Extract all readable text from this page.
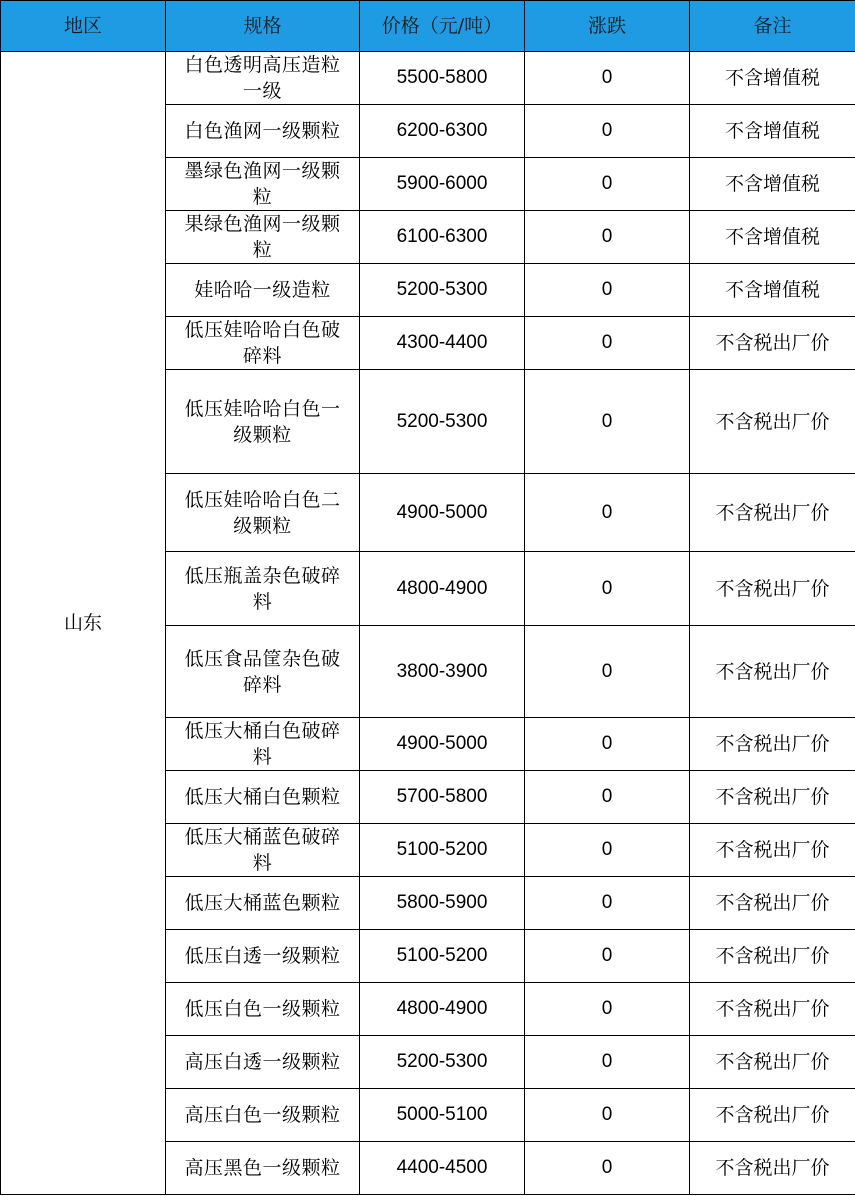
地区	规格	价格（元/吨）	涨跌	备注
山东	白色透明高压造粒一级	5500-5800	0	不含增值税
	白色渔网一级颗粒	6200-6300	0	不含增值税
	墨绿色渔网一级颗粒	5900-6000	0	不含增值税
	果绿色渔网一级颗粒	6100-6300	0	不含增值税
	娃哈哈一级造粒	5200-5300	0	不含增值税
	低压娃哈哈白色破碎料	4300-4400	0	不含税出厂价
	低压娃哈哈白色一级颗粒	5200-5300	0	不含税出厂价
	低压娃哈哈白色二级颗粒	4900-5000	0	不含税出厂价
	低压瓶盖杂色破碎料	4800-4900	0	不含税出厂价
	低压食品筐杂色破碎料	3800-3900	0	不含税出厂价
	低压大桶白色破碎料	4900-5000	0	不含税出厂价
	低压大桶白色颗粒	5700-5800	0	不含税出厂价
	低压大桶蓝色破碎料	5100-5200	0	不含税出厂价
	低压大桶蓝色颗粒	5800-5900	0	不含税出厂价
	低压白透一级颗粒	5100-5200	0	不含税出厂价
	低压白色一级颗粒	4800-4900	0	不含税出厂价
	高压白透一级颗粒	5200-5300	0	不含税出厂价
	高压白色一级颗粒	5000-5100	0	不含税出厂价
	高压黑色一级颗粒	4400-4500	0	不含税出厂价
